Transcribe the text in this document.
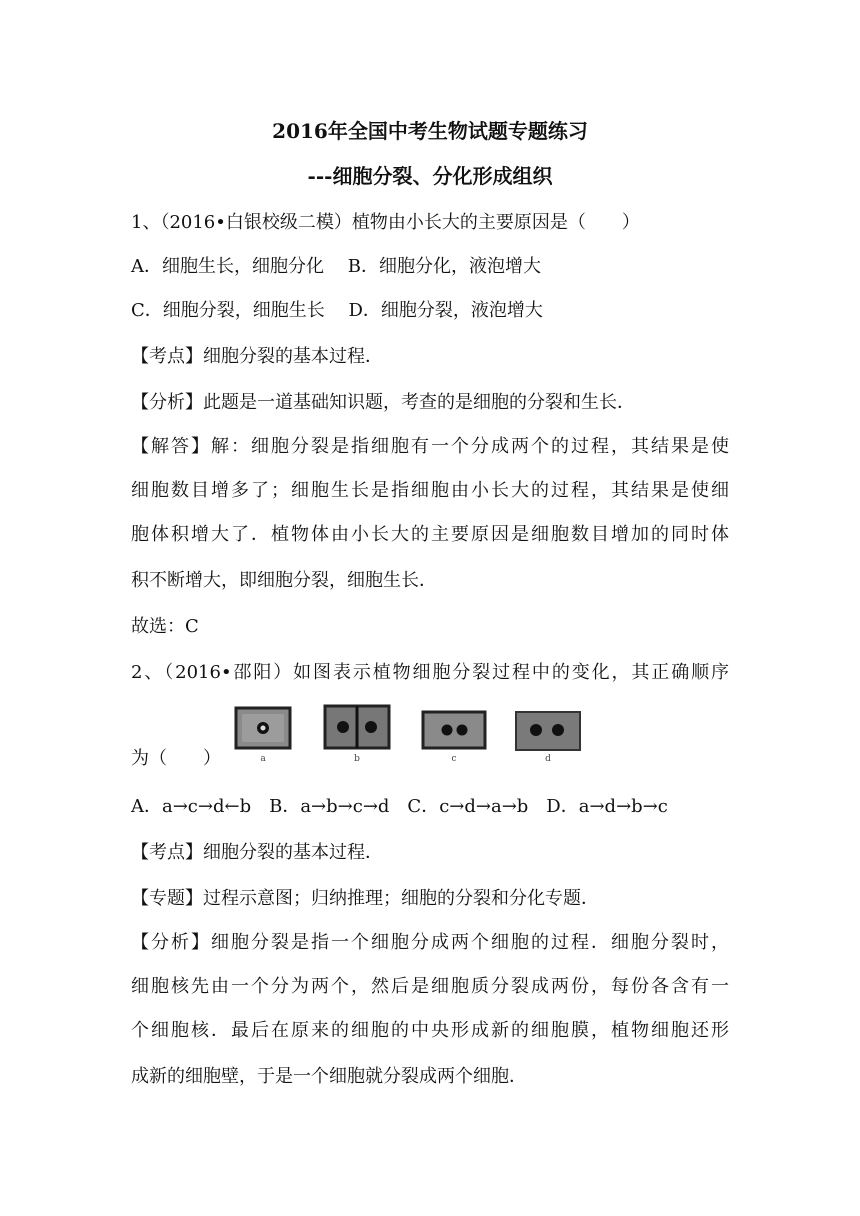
2016年全国中考生物试题专题练习
---细胞分裂、分化形成组织
1、（2016•白银校级二模）植物由小长大的主要原因是（　　）
A．细胞生长，细胞分化　 B．细胞分化，液泡增大
C．细胞分裂，细胞生长　 D．细胞分裂，液泡增大
【考点】细胞分裂的基本过程．
【分析】此题是一道基础知识题，考查的是细胞的分裂和生长．
【解答】解：细胞分裂是指细胞有一个分成两个的过程，其结果是使
细胞数目增多了；细胞生长是指细胞由小长大的过程，其结果是使细
胞体积增大了．植物体由小长大的主要原因是细胞数目增加的同时体
积不断增大，即细胞分裂，细胞生长．
故选：C
2、（2016•邵阳）如图表示植物细胞分裂过程中的变化，其正确顺序
为（　　）	a	b	c	d
A．a→c→d←b　B．a→b→c→d　C．c→d→a→b　D．a→d→b→c
【考点】细胞分裂的基本过程．
【专题】过程示意图；归纳推理；细胞的分裂和分化专题．
【分析】细胞分裂是指一个细胞分成两个细胞的过程．细胞分裂时，
细胞核先由一个分为两个，然后是细胞质分裂成两份，每份各含有一
个细胞核．最后在原来的细胞的中央形成新的细胞膜，植物细胞还形
成新的细胞壁，于是一个细胞就分裂成两个细胞．
